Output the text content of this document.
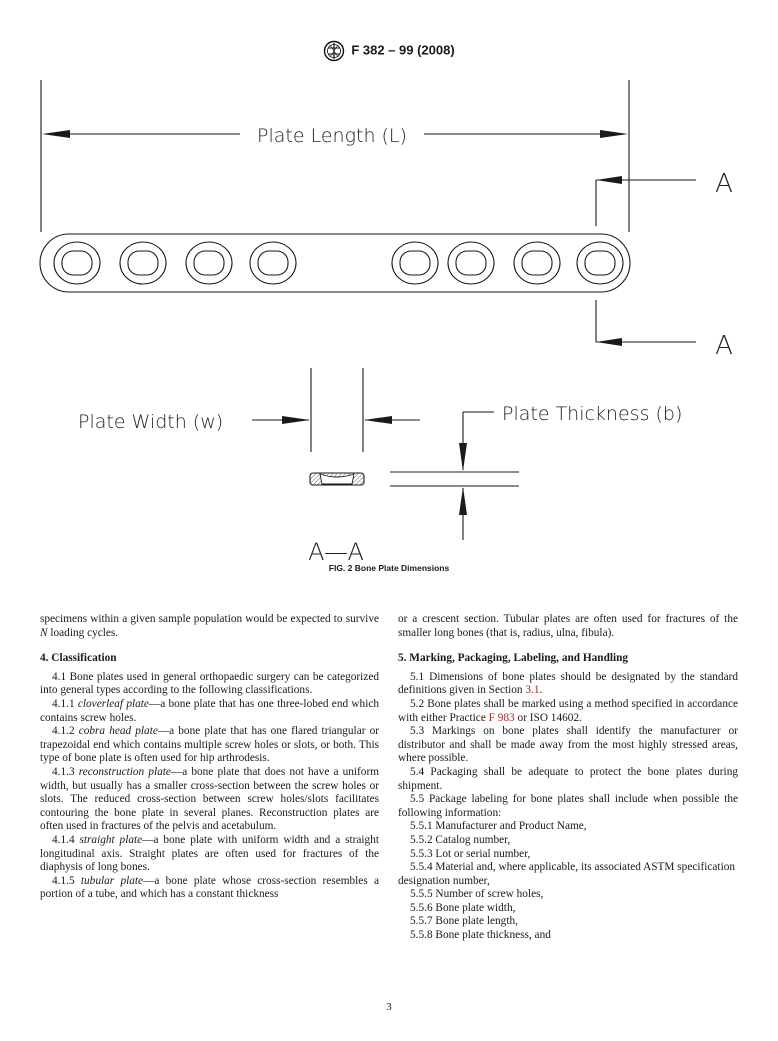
F 382 – 99 (2008)
Plate Length (L)
A
A
Plate Width (w)	Plate Thickness (b)
A—A
FIG. 2 Bone Plate Dimensions

specimens within a given sample population would be expected to survive N loading cycles.

4. Classification

4.1 Bone plates used in general orthopaedic surgery can be categorized into general types according to the following classifications.

4.1.1 cloverleaf plate—a bone plate that has one three-lobed end which contains screw holes.

4.1.2 cobra head plate—a bone plate that has one flared triangular or trapezoidal end which contains multiple screw holes or slots, or both. This type of bone plate is often used for hip arthrodesis.

4.1.3 reconstruction plate—a bone plate that does not have a uniform width, but usually has a smaller cross-section between the screw holes or slots. The reduced cross-section between screw holes/slots facilitates contouring the bone plate in several planes. Reconstruction plates are often used in fractures of the pelvis and acetabulum.

4.1.4 straight plate—a bone plate with uniform width and a straight longitudinal axis. Straight plates are often used for fractures of the diaphysis of long bones.

4.1.5 tubular plate—a bone plate whose cross-section resembles a portion of a tube, and which has a constant thickness

or a crescent section. Tubular plates are often used for fractures of the smaller long bones (that is, radius, ulna, fibula).

5. Marking, Packaging, Labeling, and Handling

5.1 Dimensions of bone plates should be designated by the standard definitions given in Section 3.1.

5.2 Bone plates shall be marked using a method specified in accordance with either Practice F 983 or ISO 14602.

5.3 Markings on bone plates shall identify the manufacturer or distributor and shall be made away from the most highly stressed areas, where possible.

5.4 Packaging shall be adequate to protect the bone plates during shipment.

5.5 Package labeling for bone plates shall include when possible the following information:

5.5.1 Manufacturer and Product Name,

5.5.2 Catalog number,

5.5.3 Lot or serial number,

5.5.4 Material and, where applicable, its associated ASTM specification designation number,

5.5.5 Number of screw holes,

5.5.6 Bone plate width,

5.5.7 Bone plate length,

5.5.8 Bone plate thickness, and

3
